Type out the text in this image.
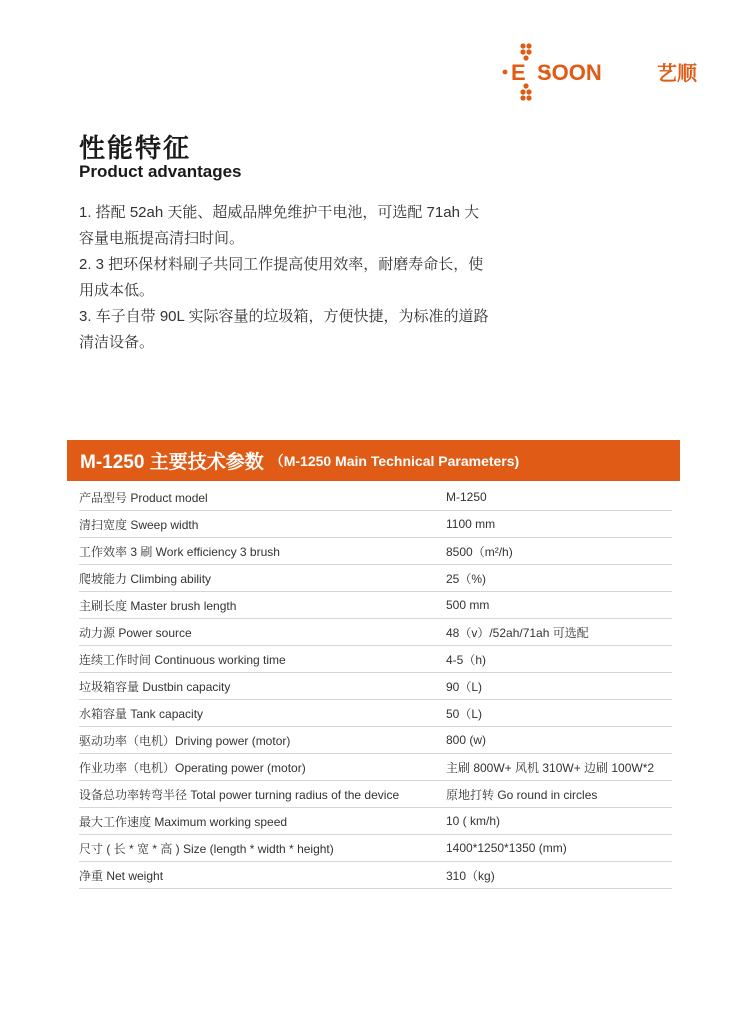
E SOON	艺顺
性能特征
Product advantages

1. 搭配 52ah 天能、超威品牌免维护干电池，可选配 71ah 大

容量电瓶提高清扫时间。

2. 3 把环保材料刷子共同工作提高使用效率，耐磨寿命长，使

用成本低。

3. 车子自带 90L 实际容量的垃圾箱，方便快捷，为标准的道路

清洁设备。

M-1250 主要技术参数 （M-1250 Main Technical Parameters)
产品型号 Product model	M-1250
清扫宽度 Sweep width	1100 mm
工作效率 3 刷 Work efficiency 3 brush	8500（m²/h)
爬坡能力 Climbing ability	25（%)
主刷长度 Master brush length	500 mm
动力源 Power source	48（v）/52ah/71ah 可选配
连续工作时间 Continuous working time	4-5（h)
垃圾箱容量 Dustbin capacity	90（L)
水箱容量 Tank capacity	50（L)
驱动功率（电机）Driving power (motor)	800 (w)
作业功率（电机）Operating power (motor)	主刷 800W+ 风机 310W+ 边刷 100W*2
设备总功率转弯半径 Total power turning radius of the device	原地打转 Go round in circles
最大工作速度 Maximum working speed	10 ( km/h)
尺寸 ( 长 * 宽 * 高 ) Size (length * width * height)	1400*1250*1350 (mm)
净重 Net weight	310（kg)
